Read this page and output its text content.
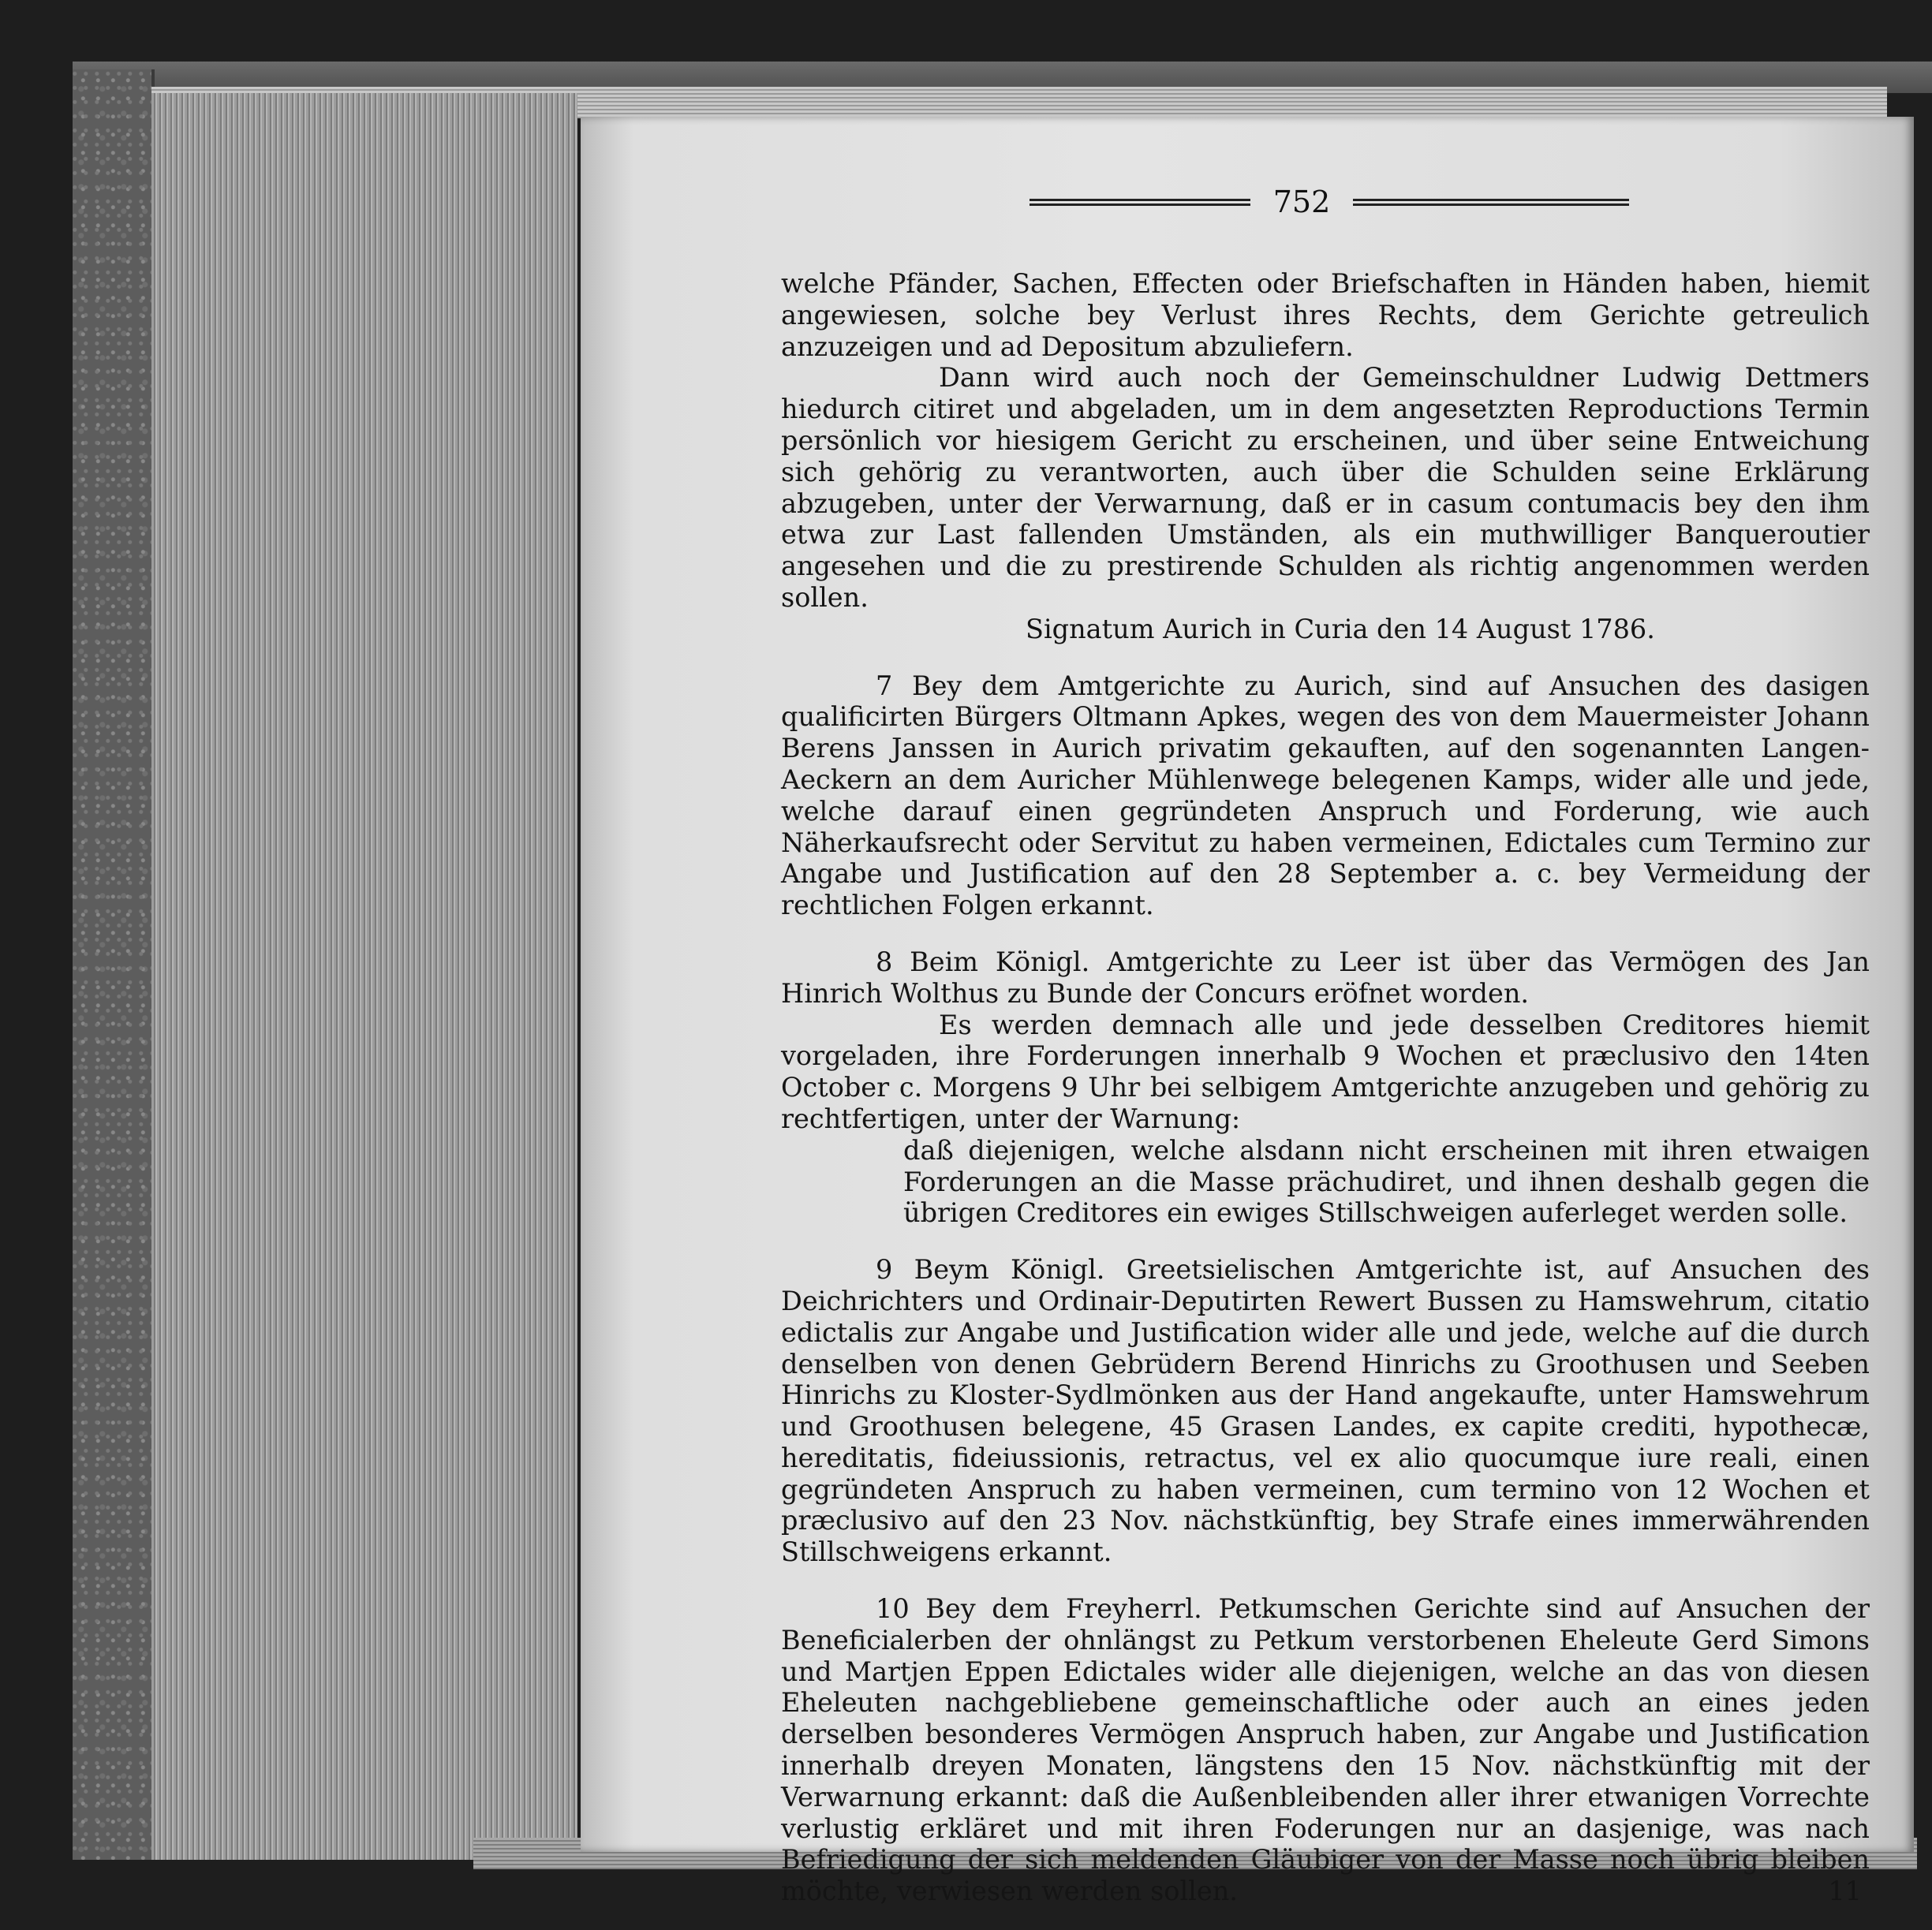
752

welche Pfänder, Sachen, Effecten oder Briefschaften in Händen haben, hiemit angewiesen, solche bey Verlust ihres Rechts, dem Gerichte getreulich anzuzeigen und ad Depositum abzuliefern.

Dann wird auch noch der Gemeinschuldner Ludwig Dettmers hiedurch citiret und abgeladen, um in dem angesetzten Reproductions Termin persönlich vor hiesigem Gericht zu erscheinen, und über seine Entweichung sich gehörig zu verantworten, auch über die Schulden seine Erklärung abzugeben, unter der Verwarnung, daß er in casum contumacis bey den ihm etwa zur Last fallenden Umständen, als ein muthwilliger Banqueroutier angesehen und die zu prestirende Schulden als richtig angenommen werden sollen.

Signatum Aurich in Curia den 14 August 1786.

7 Bey dem Amtgerichte zu Aurich, sind auf Ansuchen des dasigen qualificirten Bürgers Oltmann Apkes, wegen des von dem Mauermeister Johann Berens Janssen in Aurich privatim gekauften, auf den sogenannten Langen-Aeckern an dem Auricher Mühlenwege belegenen Kamps, wider alle und jede, welche darauf einen gegründeten Anspruch und Forderung, wie auch Näherkaufsrecht oder Servitut zu haben vermeinen, Edictales cum Termino zur Angabe und Justification auf den 28 September a. c. bey Vermeidung der rechtlichen Folgen erkannt.

8 Beim Königl. Amtgerichte zu Leer ist über das Vermögen des Jan Hinrich Wolthus zu Bunde der Concurs eröfnet worden.

Es werden demnach alle und jede desselben Creditores hiemit vorgeladen, ihre Forderungen innerhalb 9 Wochen et præclusivo den 14ten October c. Morgens 9 Uhr bei selbigem Amtgerichte anzugeben und gehörig zu rechtfertigen, unter der Warnung:

daß diejenigen, welche alsdann nicht erscheinen mit ihren etwaigen Forderungen an die Masse prächudiret, und ihnen deshalb gegen die übrigen Creditores ein ewiges Stillschweigen auferleget werden solle.

9 Beym Königl. Greetsielischen Amtgerichte ist, auf Ansuchen des Deichrichters und Ordinair-Deputirten Rewert Bussen zu Hamswehrum, citatio edictalis zur Angabe und Justification wider alle und jede, welche auf die durch denselben von denen Gebrüdern Berend Hinrichs zu Groothusen und Seeben Hinrichs zu Kloster-Sydlmönken aus der Hand angekaufte, unter Hamswehrum und Groothusen belegene, 45 Grasen Landes, ex capite crediti, hypothecæ, hereditatis, fideiussionis, retractus, vel ex alio quocumque iure reali, einen gegründeten Anspruch zu haben vermeinen, cum termino von 12 Wochen et præclusivo auf den 23 Nov. nächstkünftig, bey Strafe eines immerwährenden Stillschweigens erkannt.

10 Bey dem Freyherrl. Petkumschen Gerichte sind auf Ansuchen der Beneficialerben der ohnlängst zu Petkum verstorbenen Eheleute Gerd Simons und Martjen Eppen Edictales wider alle diejenigen, welche an das von diesen Eheleuten nachgebliebene gemeinschaftliche oder auch an eines jeden derselben besonderes Vermögen Anspruch haben, zur Angabe und Justification innerhalb dreyen Monaten, längstens den 15 Nov. nächstkünftig mit der Verwarnung erkannt: daß die Außenbleibenden aller ihrer etwanigen Vorrechte verlustig erkläret und mit ihren Foderungen nur an dasjenige, was nach Befriedigung der sich meldenden Gläubiger von der Masse noch übrig bleiben möchte, verwiesen werden sollen.	11
